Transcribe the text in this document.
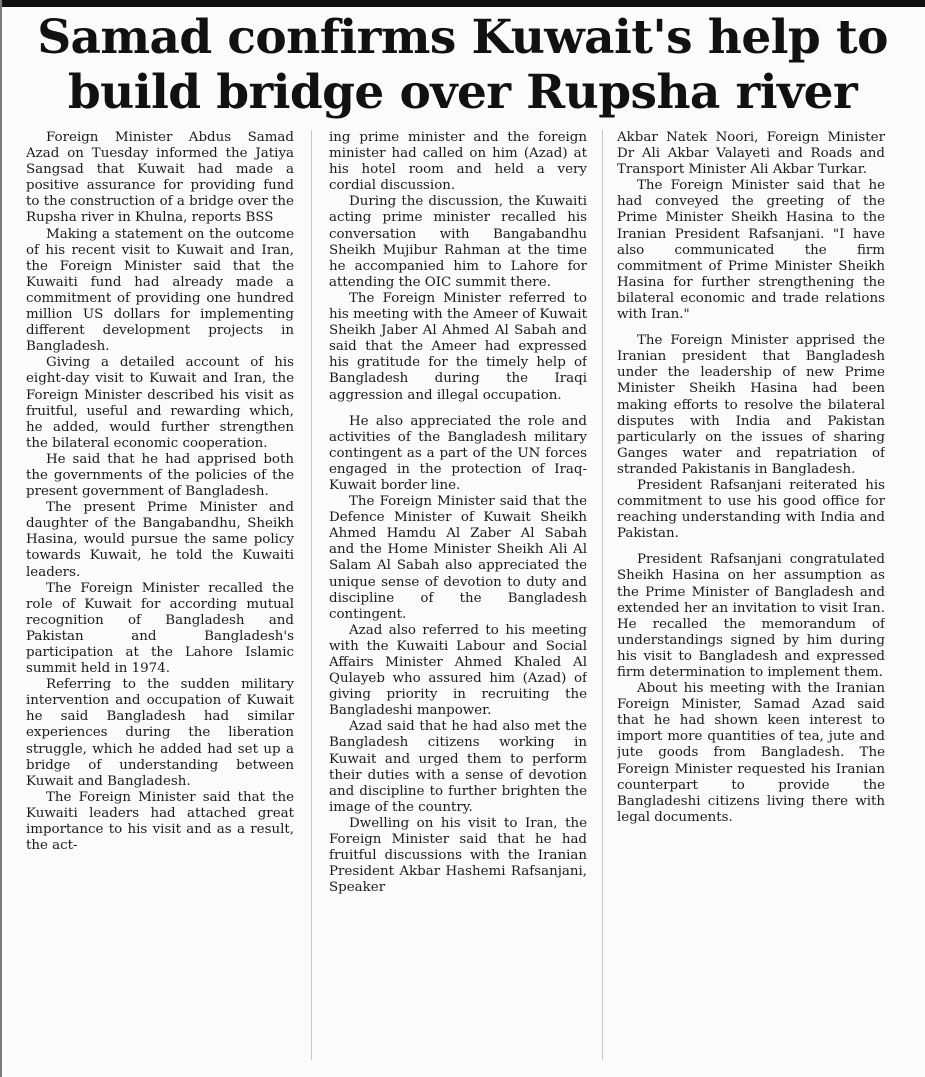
Samad confirms Kuwait's help to build bridge over Rupsha river

Foreign Minister Abdus Samad Azad on Tuesday informed the Jatiya Sangsad that Kuwait had made a positive assurance for providing fund to the construction of a bridge over the Rupsha river in Khulna, reports BSS

Making a statement on the outcome of his recent visit to Kuwait and Iran, the Foreign Minister said that the Kuwaiti fund had already made a commitment of providing one hundred million US dollars for implementing different development projects in Bangladesh.

Giving a detailed account of his eight-day visit to Kuwait and Iran, the Foreign Minister described his visit as fruitful, useful and rewarding which, he added, would further strengthen the bilateral economic cooperation.

He said that he had apprised both the governments of the policies of the present government of Bangladesh.

The present Prime Minister and daughter of the Bangabandhu, Sheikh Hasina, would pursue the same policy towards Kuwait, he told the Kuwaiti leaders.

The Foreign Minister recalled the role of Kuwait for according mutual recognition of Bangladesh and Pakistan and Bangladesh's participation at the Lahore Islamic summit held in 1974.

Referring to the sudden military intervention and occupation of Kuwait he said Bangladesh had similar experiences during the liberation struggle, which he added had set up a bridge of understanding between Kuwait and Bangladesh.

The Foreign Minister said that the Kuwaiti leaders had attached great importance to his visit and as a result, the act-

ing prime minister and the foreign minister had called on him (Azad) at his hotel room and held a very cordial discussion.

During the discussion, the Kuwaiti acting prime minister recalled his conversation with Bangabandhu Sheikh Mujibur Rahman at the time he accompanied him to Lahore for attending the OIC summit there.

The Foreign Minister referred to his meeting with the Ameer of Kuwait Sheikh Jaber Al Ahmed Al Sabah and said that the Ameer had expressed his gratitude for the timely help of Bangladesh during the Iraqi aggression and illegal occupation.

He also appreciated the role and activities of the Bangladesh military contingent as a part of the UN forces engaged in the protection of Iraq-Kuwait border line.

The Foreign Minister said that the Defence Minister of Kuwait Sheikh Ahmed Hamdu Al Zaber Al Sabah and the Home Minister Sheikh Ali Al Salam Al Sabah also appreciated the unique sense of devotion to duty and discipline of the Bangladesh contingent.

Azad also referred to his meeting with the Kuwaiti Labour and Social Affairs Minister Ahmed Khaled Al Qulayeb who assured him (Azad) of giving priority in recruiting the Bangladeshi manpower.

Azad said that he had also met the Bangladesh citizens working in Kuwait and urged them to perform their duties with a sense of devotion and discipline to further brighten the image of the country.

Dwelling on his visit to Iran, the Foreign Minister said that he had fruitful discussions with the Iranian President Akbar Hashemi Rafsanjani, Speaker

Akbar Natek Noori, Foreign Minister Dr Ali Akbar Valayeti and Roads and Transport Minister Ali Akbar Turkar.

The Foreign Minister said that he had conveyed the greeting of the Prime Minister Sheikh Hasina to the Iranian President Rafsanjani. "I have also communicated the firm commitment of Prime Minister Sheikh Hasina for further strengthening the bilateral economic and trade relations with Iran."

The Foreign Minister apprised the Iranian president that Bangladesh under the leadership of new Prime Minister Sheikh Hasina had been making efforts to resolve the bilateral disputes with India and Pakistan particularly on the issues of sharing Ganges water and repatriation of stranded Pakistanis in Bangladesh.

President Rafsanjani reiterated his commitment to use his good office for reaching understanding with India and Pakistan.

President Rafsanjani congratulated Sheikh Hasina on her assumption as the Prime Minister of Bangladesh and extended her an invitation to visit Iran. He recalled the memorandum of understandings signed by him during his visit to Bangladesh and expressed firm determination to implement them.

About his meeting with the Iranian Foreign Minister, Samad Azad said that he had shown keen interest to import more quantities of tea, jute and jute goods from Bangladesh. The Foreign Minister requested his Iranian counterpart to provide the Bangladeshi citizens living there with legal documents.
